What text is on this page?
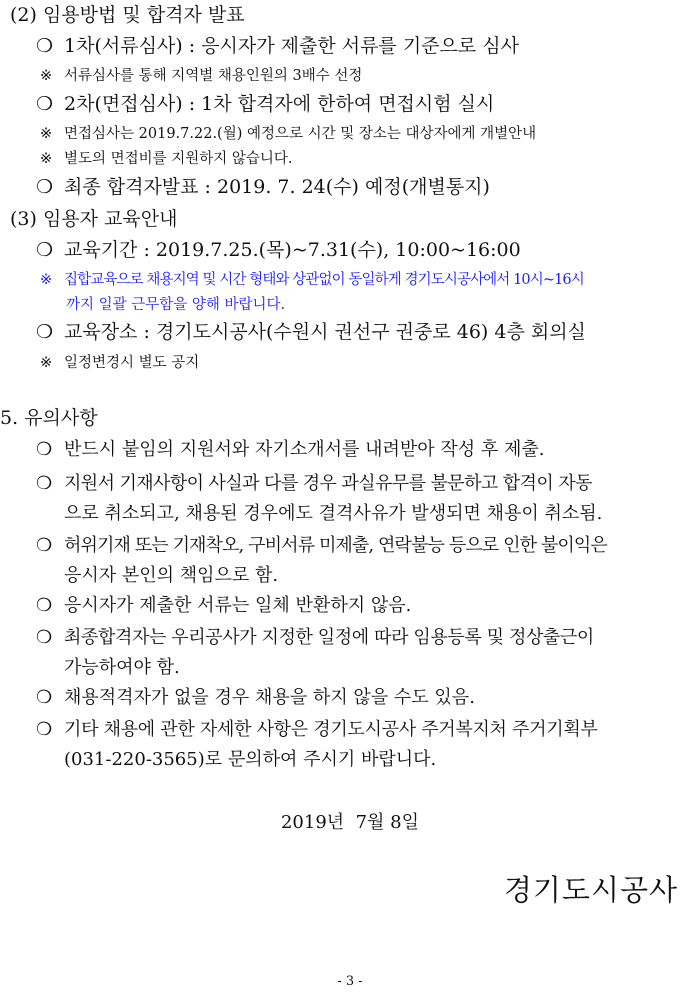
(2) 임용방법 및 합격자 발표
❍ 1차(서류심사) : 응시자가 제출한 서류를 기준으로 심사
※ 서류심사를 통해 지역별 채용인원의 3배수 선정
❍ 2차(면접심사) : 1차 합격자에 한하여 면접시험 실시
※ 면접심사는 2019.7.22.(월) 예정으로 시간 및 장소는 대상자에게 개별안내
※ 별도의 면접비를 지원하지 않습니다.
❍ 최종 합격자발표 : 2019. 7. 24(수) 예정(개별통지)
(3) 임용자 교육안내
❍ 교육기간 : 2019.7.25.(목)~7.31(수), 10:00~16:00
※ 집합교육으로 채용지역 및 시간 형태와 상관없이 동일하게 경기도시공사에서 10시~16시
까지 일괄 근무함을 양해 바랍니다.
❍ 교육장소 : 경기도시공사(수원시 권선구 권중로 46) 4층 회의실
※ 일정변경시 별도 공지
5. 유의사항
❍ 반드시 붙임의 지원서와 자기소개서를 내려받아 작성 후 제출.
❍ 지원서 기재사항이 사실과 다를 경우 과실유무를 불문하고 합격이 자동
으로 취소되고, 채용된 경우에도 결격사유가 발생되면 채용이 취소됨.
❍ 허위기재 또는 기재착오, 구비서류 미제출, 연락불능 등으로 인한 불이익은
응시자 본인의 책임으로 함.
❍ 응시자가 제출한 서류는 일체 반환하지 않음.
❍ 최종합격자는 우리공사가 지정한 일정에 따라 임용등록 및 정상출근이
가능하여야 함.
❍ 채용적격자가 없을 경우 채용을 하지 않을 수도 있음.
❍ 기타 채용에 관한 자세한 사항은 경기도시공사 주거복지처 주거기획부
(031-220-3565)로 문의하여 주시기 바랍니다.
2019년  7월 8일
경기도시공사
- 3 -
